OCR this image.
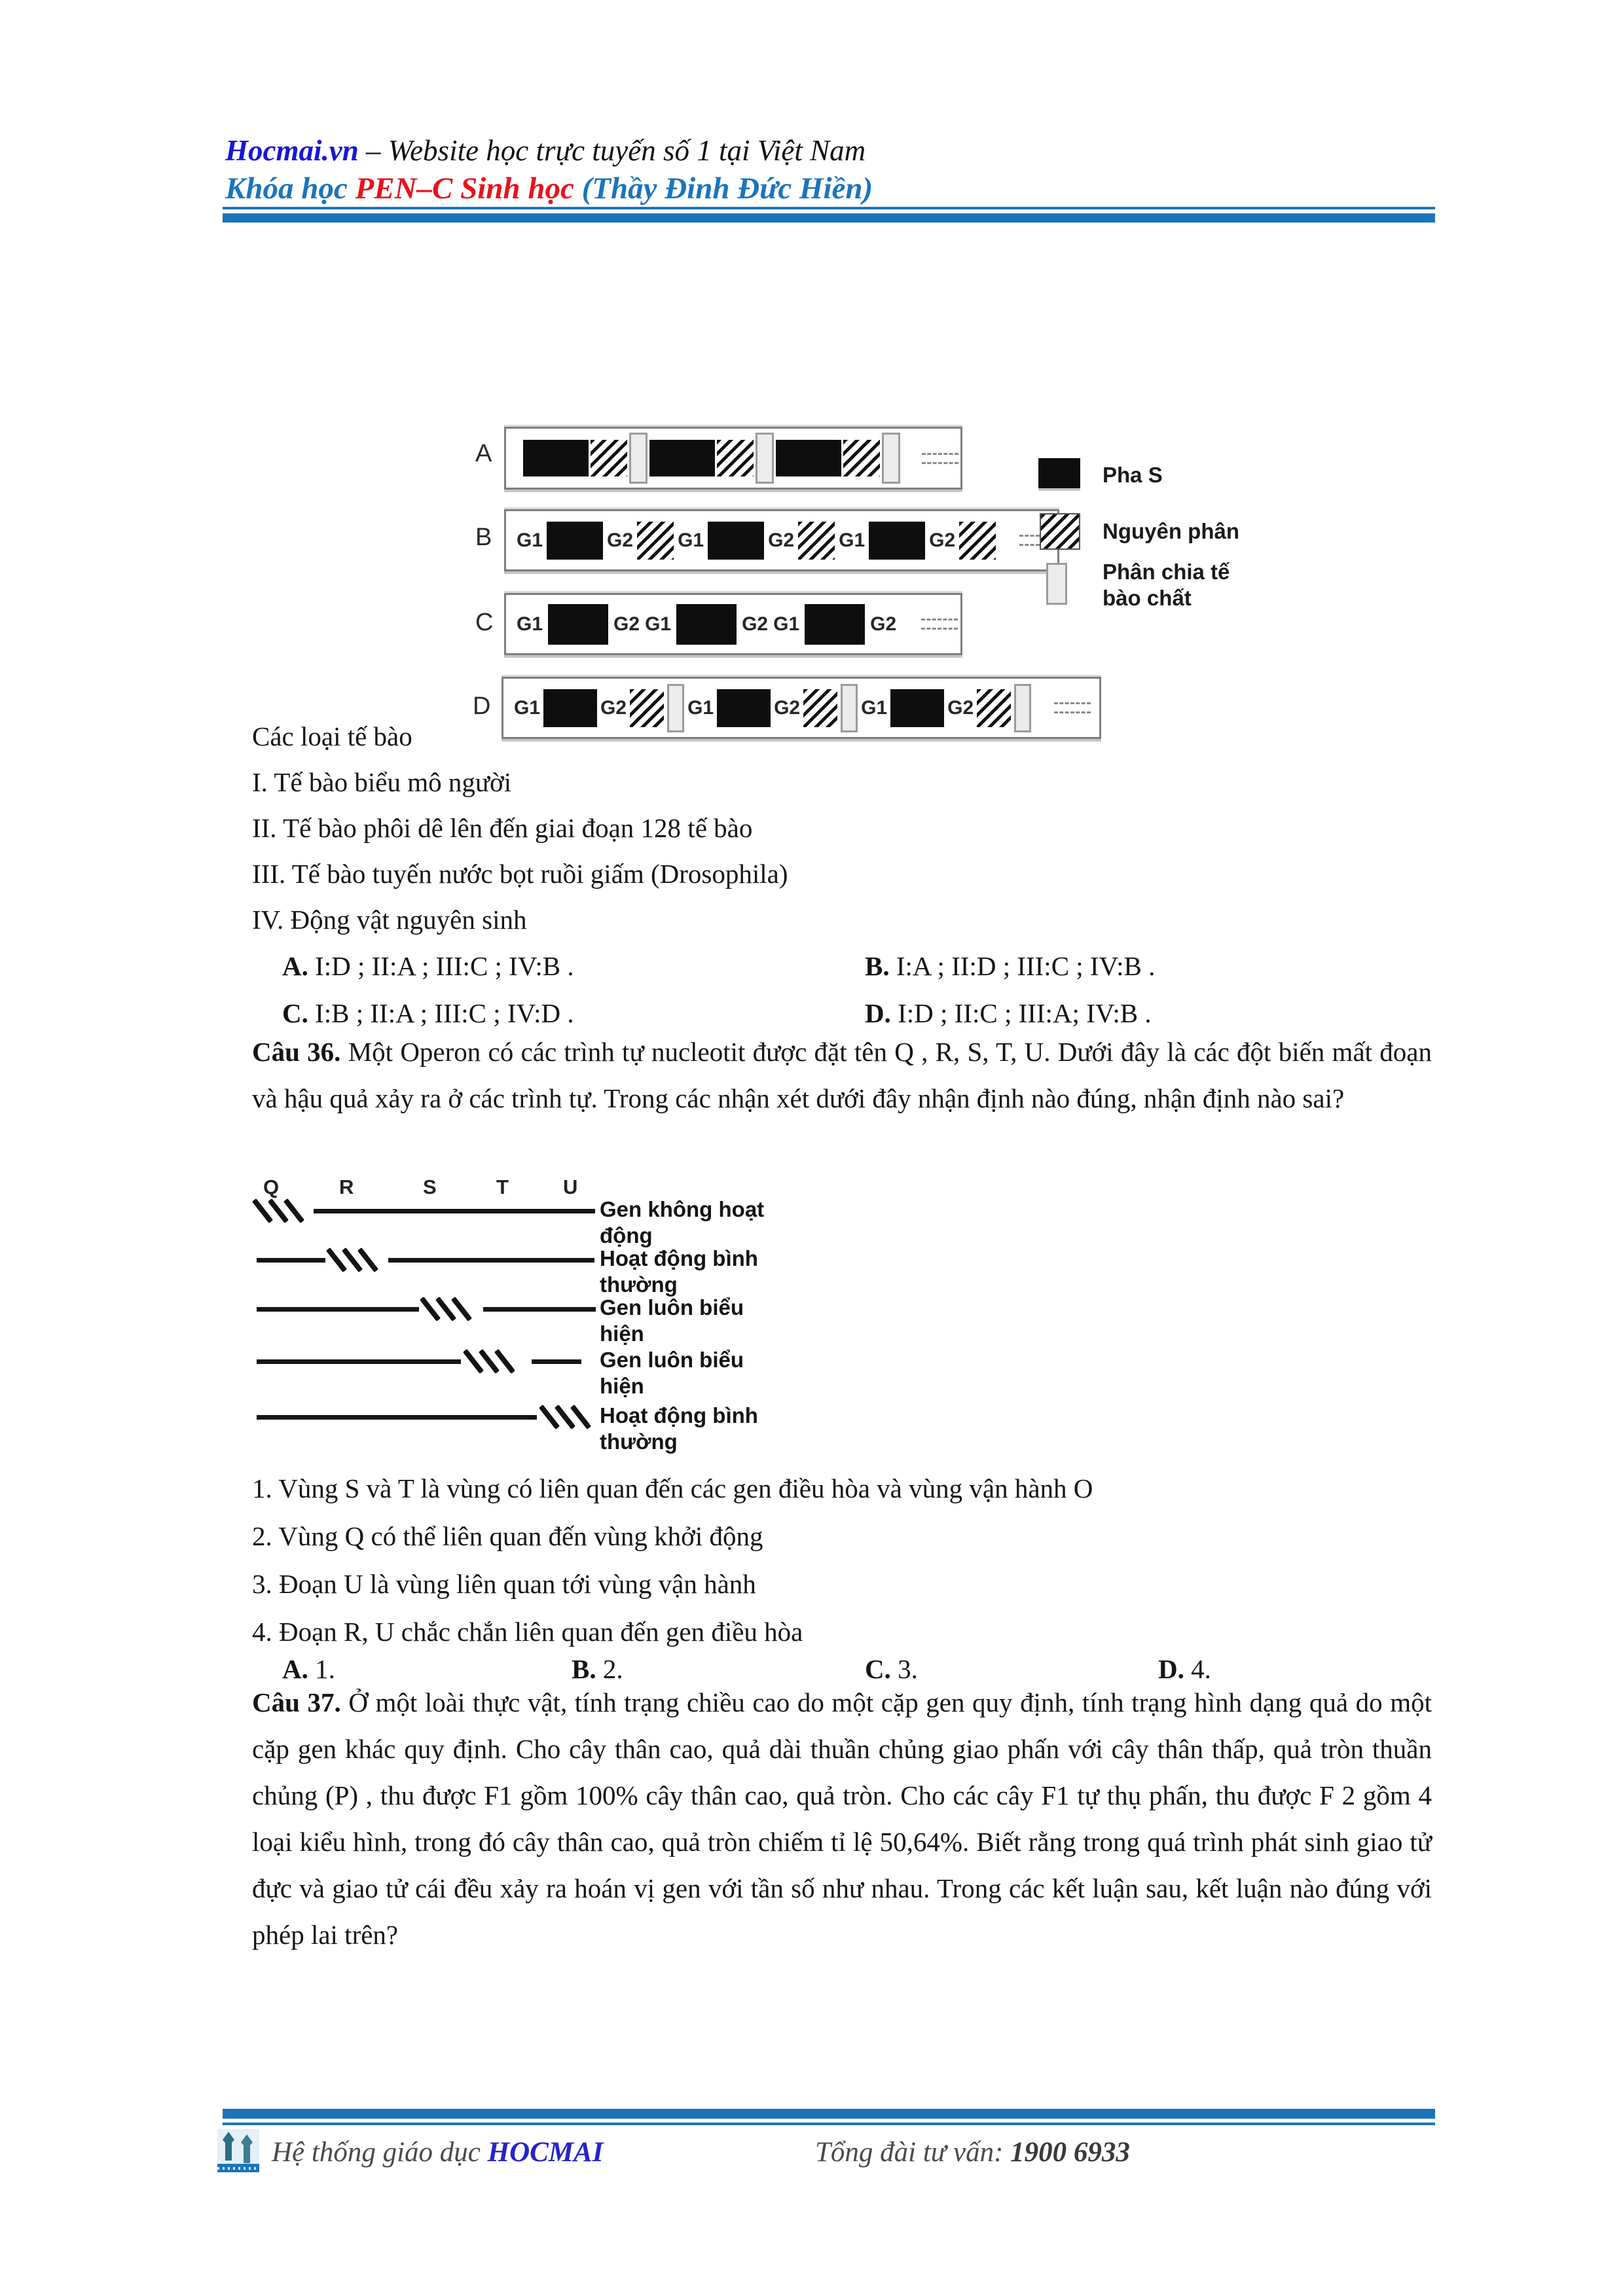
Hocmai.vn – Website học trực tuyến số 1 tại Việt Nam
Khóa học PEN–C Sinh học (Thầy Đinh Đức Hiền)
A
B
C
D
G1	G2 G1	G2 G1	G2
G1	G2 G1	G2 G1	G2
G1	G2	G1	G2	G1	G2
Pha S
Nguyên phân
Phân chia tế bào chất
Các loại tế bào
I. Tế bào biểu mô người
II. Tế bào phôi dê lên đến giai đoạn 128 tế bào
III. Tế bào tuyến nước bọt ruồi giấm (Drosophila)
IV. Động vật nguyên sinh
A. I:D ; II:A ; III:C ; IV:B .	B. I:A ; II:D ; III:C ; IV:B .
C. I:B ; II:A ; III:C ; IV:D .	D. I:D ; II:C ; III:A; IV:B .

Câu 36. Một Operon có các trình tự nucleotit được đặt tên Q , R, S, T, U. Dưới đây là các đột biến mất đoạn và hậu quả xảy ra ở các trình tự. Trong các nhận xét dưới đây nhận định nào đúng, nhận định nào sai?

Q	R	S	T	U
Gen không hoạt động
Hoạt động bình thường
Gen luôn biểu hiện
Gen luôn biểu hiện
Hoạt động bình thường
1. Vùng S và T là vùng có liên quan đến các gen điều hòa và vùng vận hành O
2. Vùng Q có thể liên quan đến vùng khởi động
3. Đoạn U là vùng liên quan tới vùng vận hành
4. Đoạn R, U chắc chắn liên quan đến gen điều hòa
A. 1.	B. 2.	C. 3.	D. 4.

Câu 37. Ở một loài thực vật, tính trạng chiều cao do một cặp gen quy định, tính trạng hình dạng quả do một cặp gen khác quy định. Cho cây thân cao, quả dài thuần chủng giao phấn với cây thân thấp, quả tròn thuần chủng (P) , thu được F1 gồm 100% cây thân cao, quả tròn. Cho các cây F1 tự thụ phấn, thu được F 2 gồm 4 loại kiểu hình, trong đó cây thân cao, quả tròn chiếm tỉ lệ 50,64%. Biết rằng trong quá trình phát sinh giao tử đực và giao tử cái đều xảy ra hoán vị gen với tần số như nhau. Trong các kết luận sau, kết luận nào đúng với phép lai trên?

Hệ thống giáo dục HOCMAI	Tổng đài tư vấn: 1900 6933
